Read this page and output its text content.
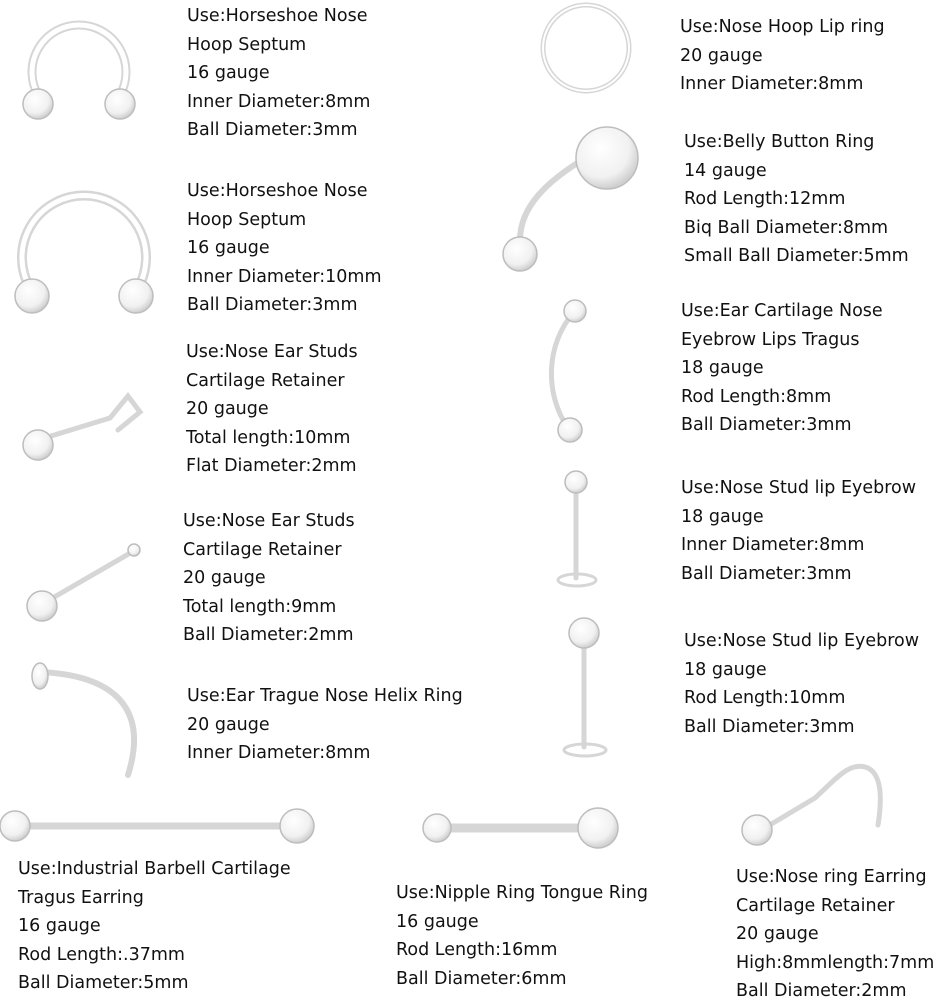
Use:Horseshoe Nose
Hoop Septum
16 gauge
Inner Diameter:8mm
Ball Diameter:3mm
Use:Nose Hoop Lip ring
20 gauge
Inner Diameter:8mm
Use:Belly Button Ring
14 gauge
Rod Length:12mm
Biq Ball Diameter:8mm
Small Ball Diameter:5mm
Use:Horseshoe Nose
Hoop Septum
16 gauge
Inner Diameter:10mm
Ball Diameter:3mm	Use:Ear Cartilage Nose
Eyebrow Lips Tragus
18 gauge
Rod Length:8mm
Ball Diameter:3mm
Use:Nose Ear Studs
Cartilage Retainer
20 gauge
Total length:10mm
Flat Diameter:2mm
Use:Nose Stud lip Eyebrow
18 gauge
Inner Diameter:8mm
Ball Diameter:3mm
Use:Nose Ear Studs
Cartilage Retainer
20 gauge
Total length:9mm
Ball Diameter:2mm	Use:Nose Stud lip Eyebrow
18 gauge
Rod Length:10mm
Ball Diameter:3mm
Use:Ear Trague Nose Helix Ring
20 gauge
Inner Diameter:8mm
Use:Industrial Barbell Cartilage
Tragus Earring
16 gauge
Rod Length:.37mm
Ball Diameter:5mm
Use:Nipple Ring Tongue Ring
16 gauge
Rod Length:16mm
Ball Diameter:6mm
Use:Nose ring Earring
Cartilage Retainer
20 gauge
High:8mmlength:7mm
Ball Diameter:2mm
